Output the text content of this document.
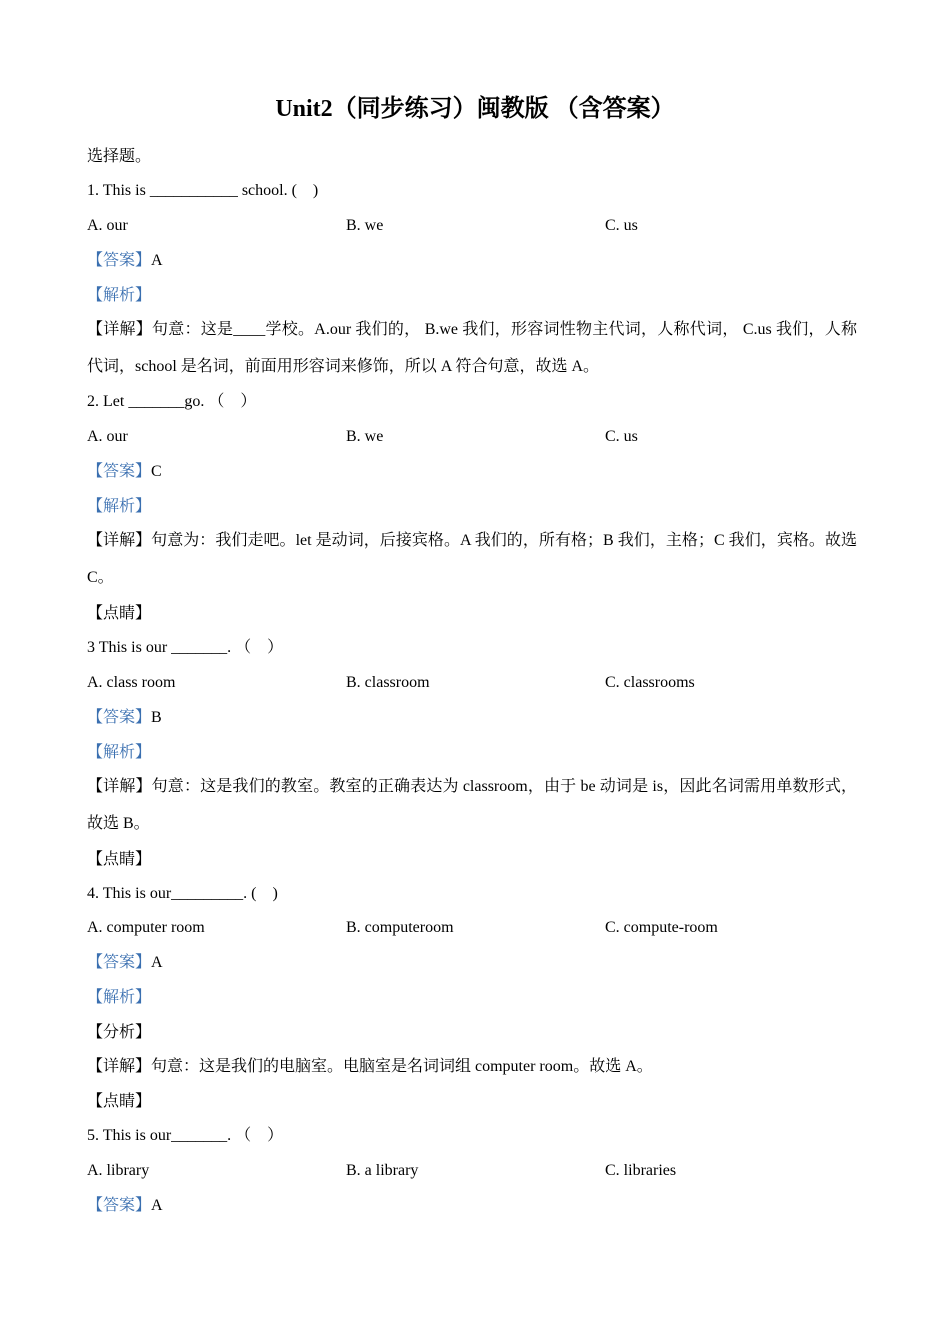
Unit2（同步练习）闽教版 （含答案）
选择题。
1. This is ___________ school. (　)
A. our	B. we	C. us
【答案】A
【解析】
【详解】句意：这是____学校。A.our 我们的， B.we 我们，形容词性物主代词，人称代词， C.us 我们，人称代词，school 是名词，前面用形容词来修饰，所以 A 符合句意，故选 A。
2. Let _______go. （　）
A. our	B. we	C. us
【答案】C
【解析】
【详解】句意为：我们走吧。let 是动词，后接宾格。A 我们的，所有格；B 我们，主格；C 我们，宾格。故选 C。
【点睛】
3 This is our _______. （　）
A. class room	B. classroom	C. classrooms
【答案】B
【解析】
【详解】句意：这是我们的教室。教室的正确表达为 classroom，由于 be 动词是 is，因此名词需用单数形式，故选 B。
【点睛】
4. This is our_________. (　)
A. computer room	B. computeroom	C. compute-room
【答案】A
【解析】
【分析】
【详解】句意：这是我们的电脑室。电脑室是名词词组 computer room。故选 A。
【点睛】
5. This is our_______. （　）
A. library	B. a library	C. libraries
【答案】A
